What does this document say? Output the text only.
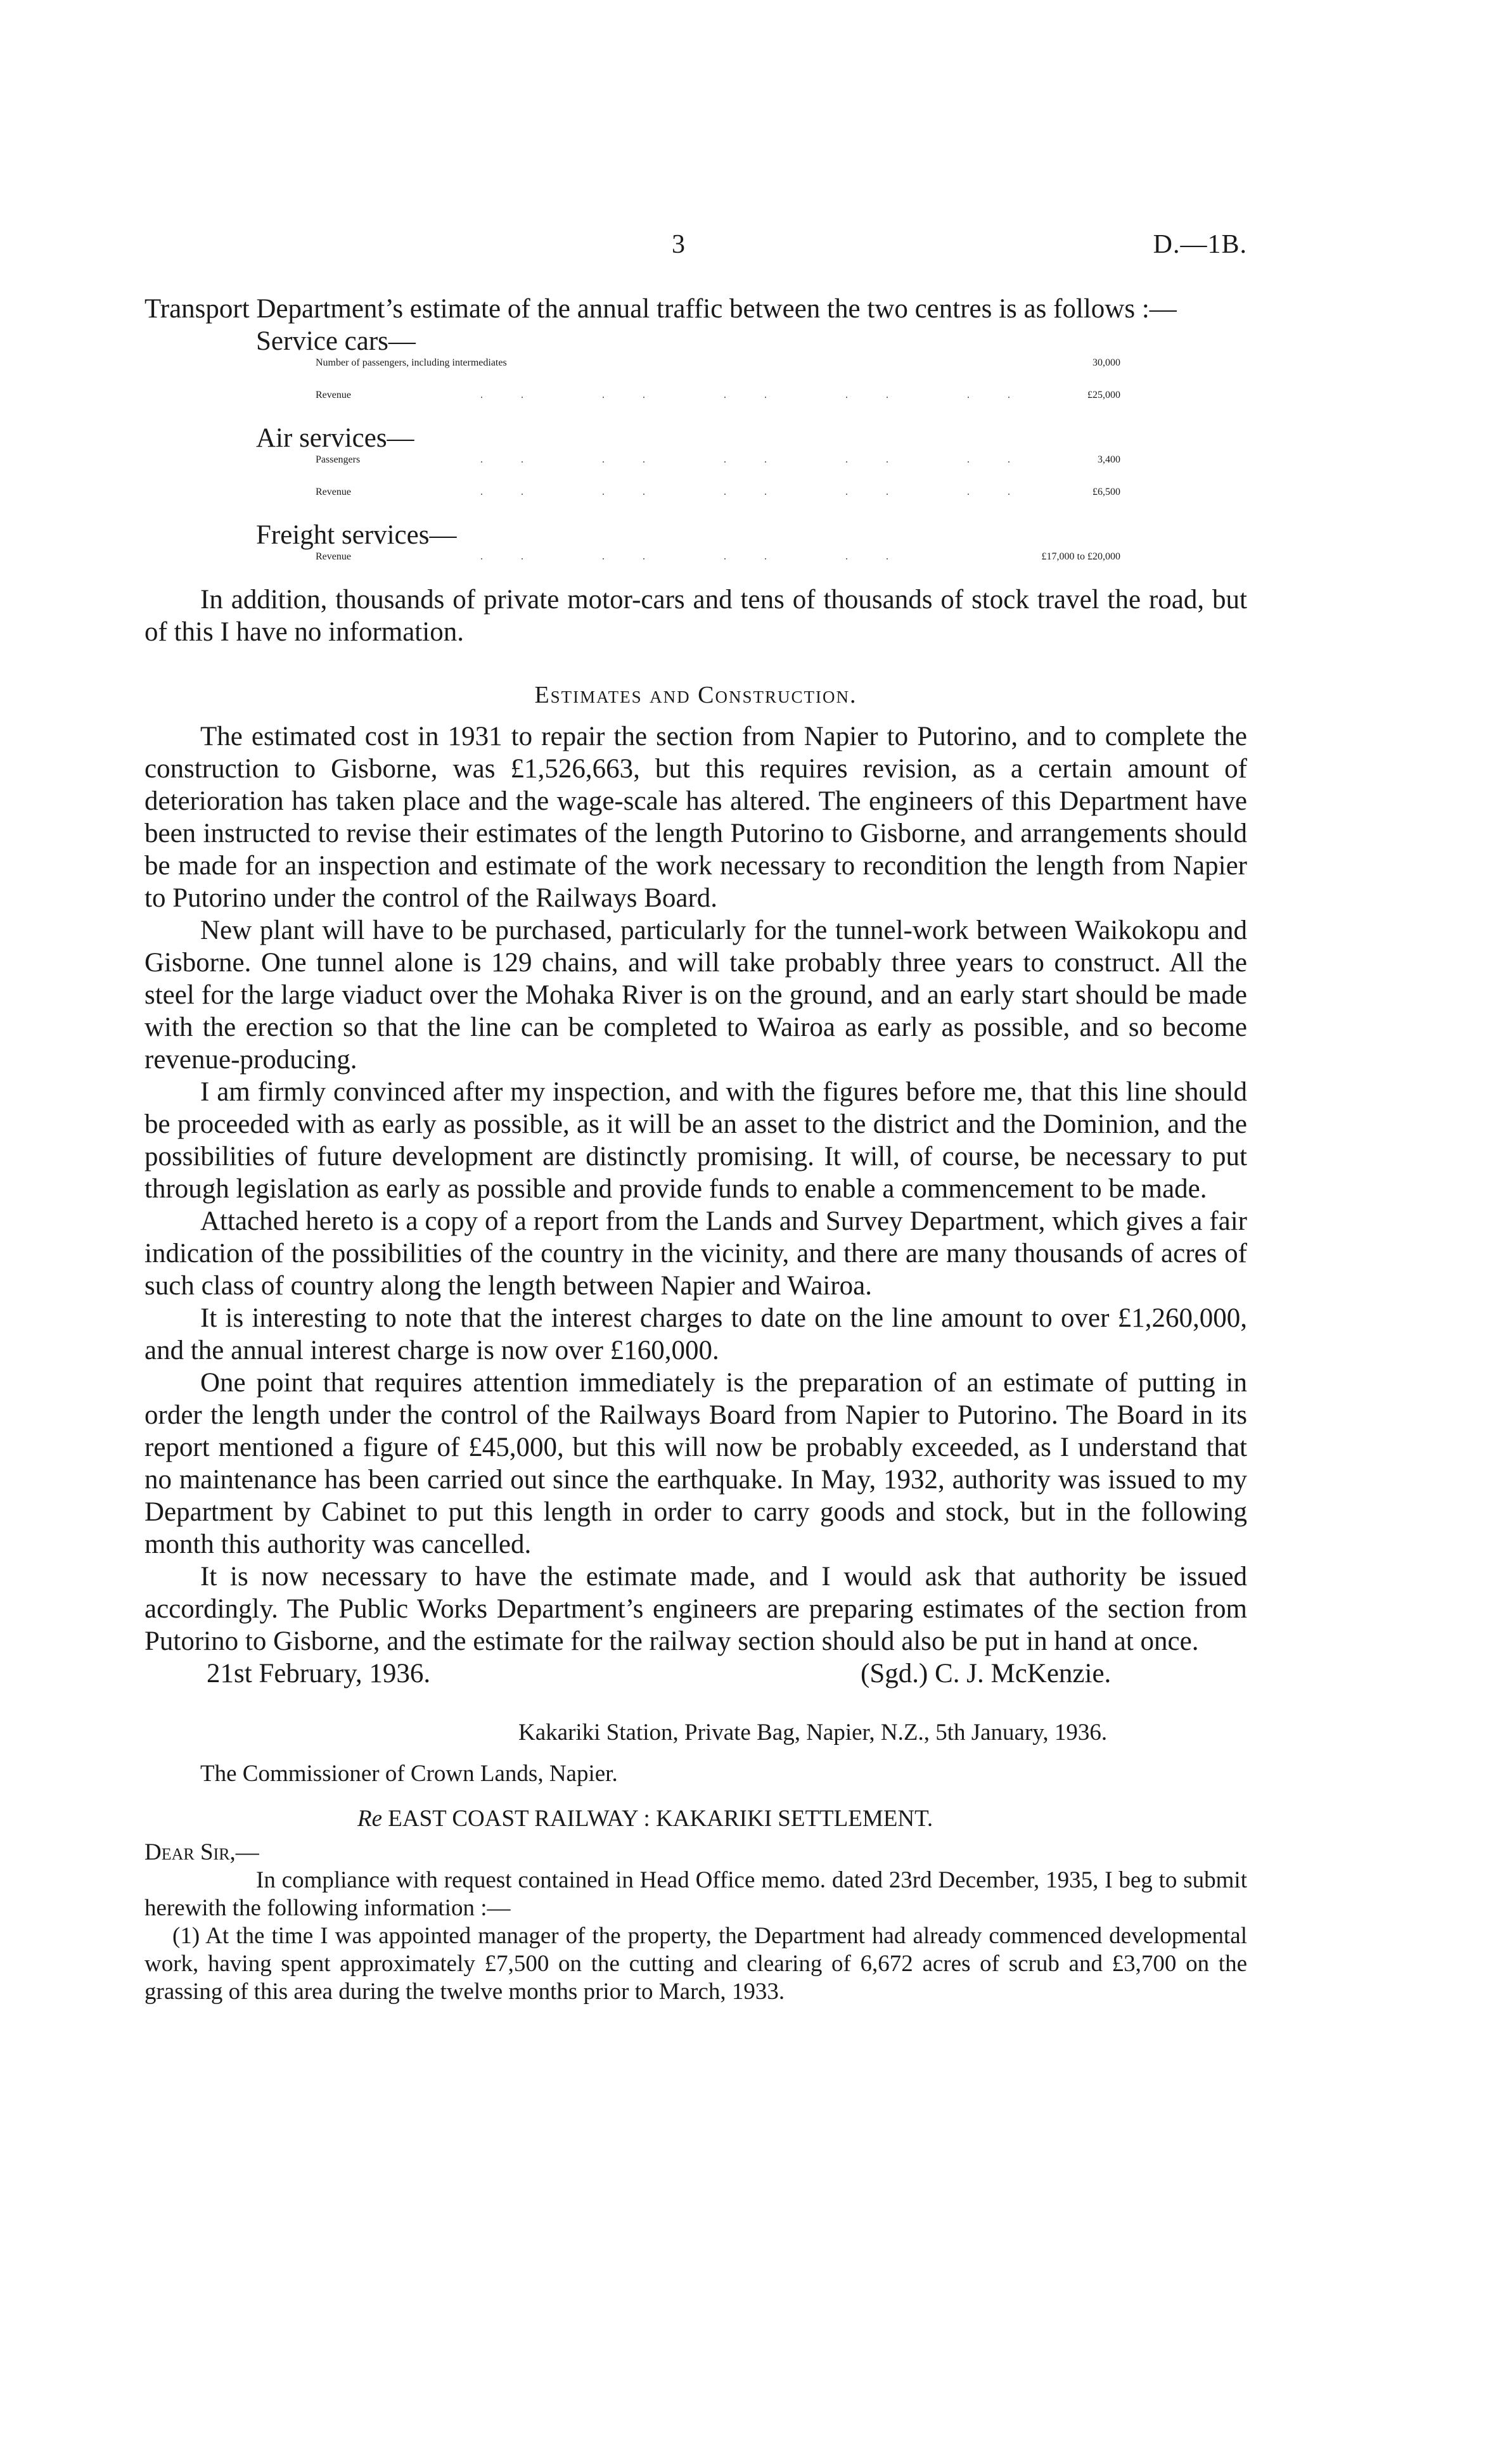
3	D.—1B.

Transport Department’s estimate of the annual traffic between the two centres is as follows :—

Service cars—
Number of passengers, including intermediates	30,000
Revenue	.. .. .. .. ..	£25,000
Air services—
Passengers	.. .. .. .. ..	3,400
Revenue	.. .. .. .. ..	£6,500
Freight services—
Revenue	.. .. .. ..	£17,000 to £20,000

In addition, thousands of private motor-cars and tens of thousands of stock travel the road, but of this I have no information.

Estimates and Construction.

The estimated cost in 1931 to repair the section from Napier to Putorino, and to complete the construction to Gisborne, was £1,526,663, but this requires revision, as a certain amount of deterioration has taken place and the wage-scale has altered. The engineers of this Department have been instructed to revise their estimates of the length Putorino to Gisborne, and arrangements should be made for an inspection and estimate of the work necessary to recondition the length from Napier to Putorino under the control of the Railways Board.

New plant will have to be purchased, particularly for the tunnel-work between Waikokopu and Gisborne. One tunnel alone is 129 chains, and will take probably three years to construct. All the steel for the large viaduct over the Mohaka River is on the ground, and an early start should be made with the erection so that the line can be completed to Wairoa as early as possible, and so become revenue-producing.

I am firmly convinced after my inspection, and with the figures before me, that this line should be proceeded with as early as possible, as it will be an asset to the district and the Dominion, and the possibilities of future development are distinctly promising. It will, of course, be necessary to put through legislation as early as possible and provide funds to enable a commencement to be made.

Attached hereto is a copy of a report from the Lands and Survey Department, which gives a fair indication of the possibilities of the country in the vicinity, and there are many thousands of acres of such class of country along the length between Napier and Wairoa.

It is interesting to note that the interest charges to date on the line amount to over £1,260,000, and the annual interest charge is now over £160,000.

One point that requires attention immediately is the preparation of an estimate of putting in order the length under the control of the Railways Board from Napier to Putorino. The Board in its report mentioned a figure of £45,000, but this will now be probably exceeded, as I understand that no maintenance has been carried out since the earthquake. In May, 1932, authority was issued to my Department by Cabinet to put this length in order to carry goods and stock, but in the following month this authority was cancelled.

It is now necessary to have the estimate made, and I would ask that authority be issued accordingly. The Public Works Department’s engineers are preparing estimates of the section from Putorino to Gisborne, and the estimate for the railway section should also be put in hand at once.

21st February, 1936.	(Sgd.) C. J. McKenzie.
Kakariki Station, Private Bag, Napier, N.Z., 5th January, 1936.
The Commissioner of Crown Lands, Napier.
Re EAST COAST RAILWAY : KAKARIKI SETTLEMENT.
Dear Sir,—

In compliance with request contained in Head Office memo. dated 23rd December, 1935, I beg to submit herewith the following information :—

(1) At the time I was appointed manager of the property, the Department had already commenced developmental work, having spent approximately £7,500 on the cutting and clearing of 6,672 acres of scrub and £3,700 on the grassing of this area during the twelve months prior to March, 1933.
